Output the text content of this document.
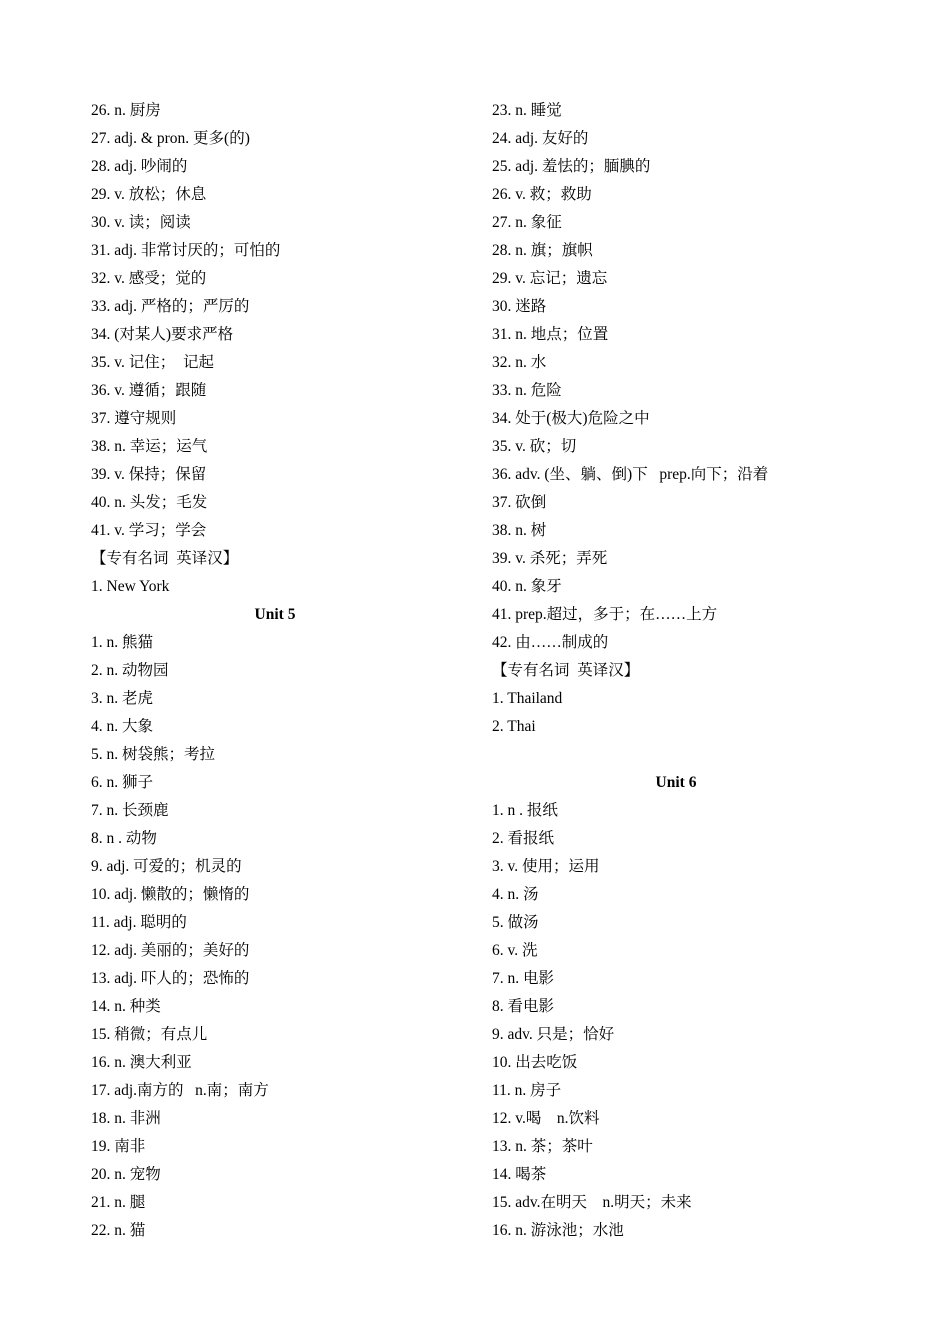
26. n. 厨房
27. adj. & pron. 更多(的)
28. adj. 吵闹的
29. v. 放松；休息
30. v. 读；阅读
31. adj. 非常讨厌的；可怕的
32. v. 感受；觉的
33. adj. 严格的；严厉的
34. (对某人)要求严格
35. v. 记住；  记起
36. v. 遵循；跟随
37. 遵守规则
38. n. 幸运；运气
39. v. 保持；保留
40. n. 头发；毛发
41. v. 学习；学会
【专有名词  英译汉】
1. New York
Unit 5
1. n. 熊猫
2. n. 动物园
3. n. 老虎
4. n. 大象
5. n. 树袋熊；考拉
6. n. 狮子
7. n. 长颈鹿
8. n . 动物
9. adj. 可爱的；机灵的
10. adj. 懒散的；懒惰的
11. adj. 聪明的
12. adj. 美丽的；美好的
13. adj. 吓人的；恐怖的
14. n. 种类
15. 稍微；有点儿
16. n. 澳大利亚
17. adj.南方的   n.南；南方
18. n. 非洲
19. 南非
20. n. 宠物
21. n. 腿
22. n. 猫
23. n. 睡觉
24. adj. 友好的
25. adj. 羞怯的；腼腆的
26. v. 救；救助
27. n. 象征
28. n. 旗；旗帜
29. v. 忘记；遗忘
30. 迷路
31. n. 地点；位置
32. n. 水
33. n. 危险
34. 处于(极大)危险之中
35. v. 砍；切
36. adv. (坐、躺、倒)下   prep.向下；沿着
37. 砍倒
38. n. 树
39. v. 杀死；弄死
40. n. 象牙
41. prep.超过，多于；在……上方
42. 由……制成的
【专有名词  英译汉】
1. Thailand
2. Thai
Unit 6
1. n . 报纸
2. 看报纸
3. v. 使用；运用
4. n. 汤
5. 做汤
6. v. 洗
7. n. 电影
8. 看电影
9. adv. 只是；恰好
10. 出去吃饭
11. n. 房子
12. v.喝    n.饮料
13. n. 茶；茶叶
14. 喝茶
15. adv.在明天    n.明天；未来
16. n. 游泳池；水池
